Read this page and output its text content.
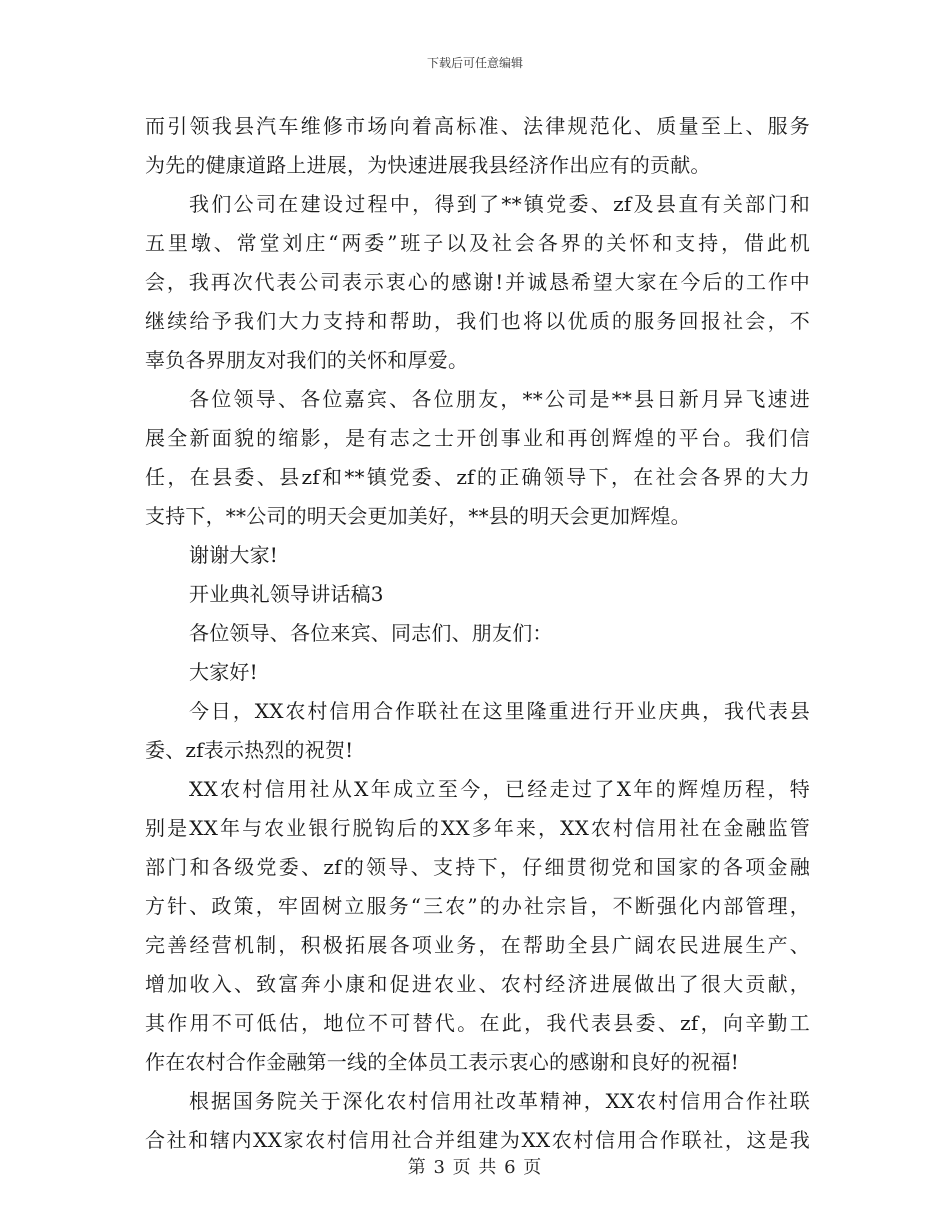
下载后可任意编辑
而引领我县汽车维修市场向着高标准、法律规范化、质量至上、服务
为先的健康道路上进展，为快速进展我县经济作出应有的贡献。
我们公司在建设过程中，得到了**镇党委、zf及县直有关部门和
五里墩、常堂刘庄“两委”班子以及社会各界的关怀和支持，借此机
会，我再次代表公司表示衷心的感谢!并诚恳希望大家在今后的工作中
继续给予我们大力支持和帮助，我们也将以优质的服务回报社会，不
辜负各界朋友对我们的关怀和厚爱。
各位领导、各位嘉宾、各位朋友，**公司是**县日新月异飞速进
展全新面貌的缩影，是有志之士开创事业和再创辉煌的平台。我们信
任，在县委、县zf和**镇党委、zf的正确领导下，在社会各界的大力
支持下，**公司的明天会更加美好，**县的明天会更加辉煌。
谢谢大家!
开业典礼领导讲话稿3
各位领导、各位来宾、同志们、朋友们：
大家好!
今日，XX农村信用合作联社在这里隆重进行开业庆典，我代表县
委、zf表示热烈的祝贺!
XX农村信用社从X年成立至今，已经走过了X年的辉煌历程，特
别是XX年与农业银行脱钩后的XX多年来，XX农村信用社在金融监管
部门和各级党委、zf的领导、支持下，仔细贯彻党和国家的各项金融
方针、政策，牢固树立服务“三农”的办社宗旨，不断强化内部管理，
完善经营机制，积极拓展各项业务，在帮助全县广阔农民进展生产、
增加收入、致富奔小康和促进农业、农村经济进展做出了很大贡献，
其作用不可低估，地位不可替代。在此，我代表县委、zf，向辛勤工
作在农村合作金融第一线的全体员工表示衷心的感谢和良好的祝福!
根据国务院关于深化农村信用社改革精神，XX农村信用合作社联
合社和辖内XX家农村信用社合并组建为XX农村信用合作联社，这是我
第 3 页 共 6 页
